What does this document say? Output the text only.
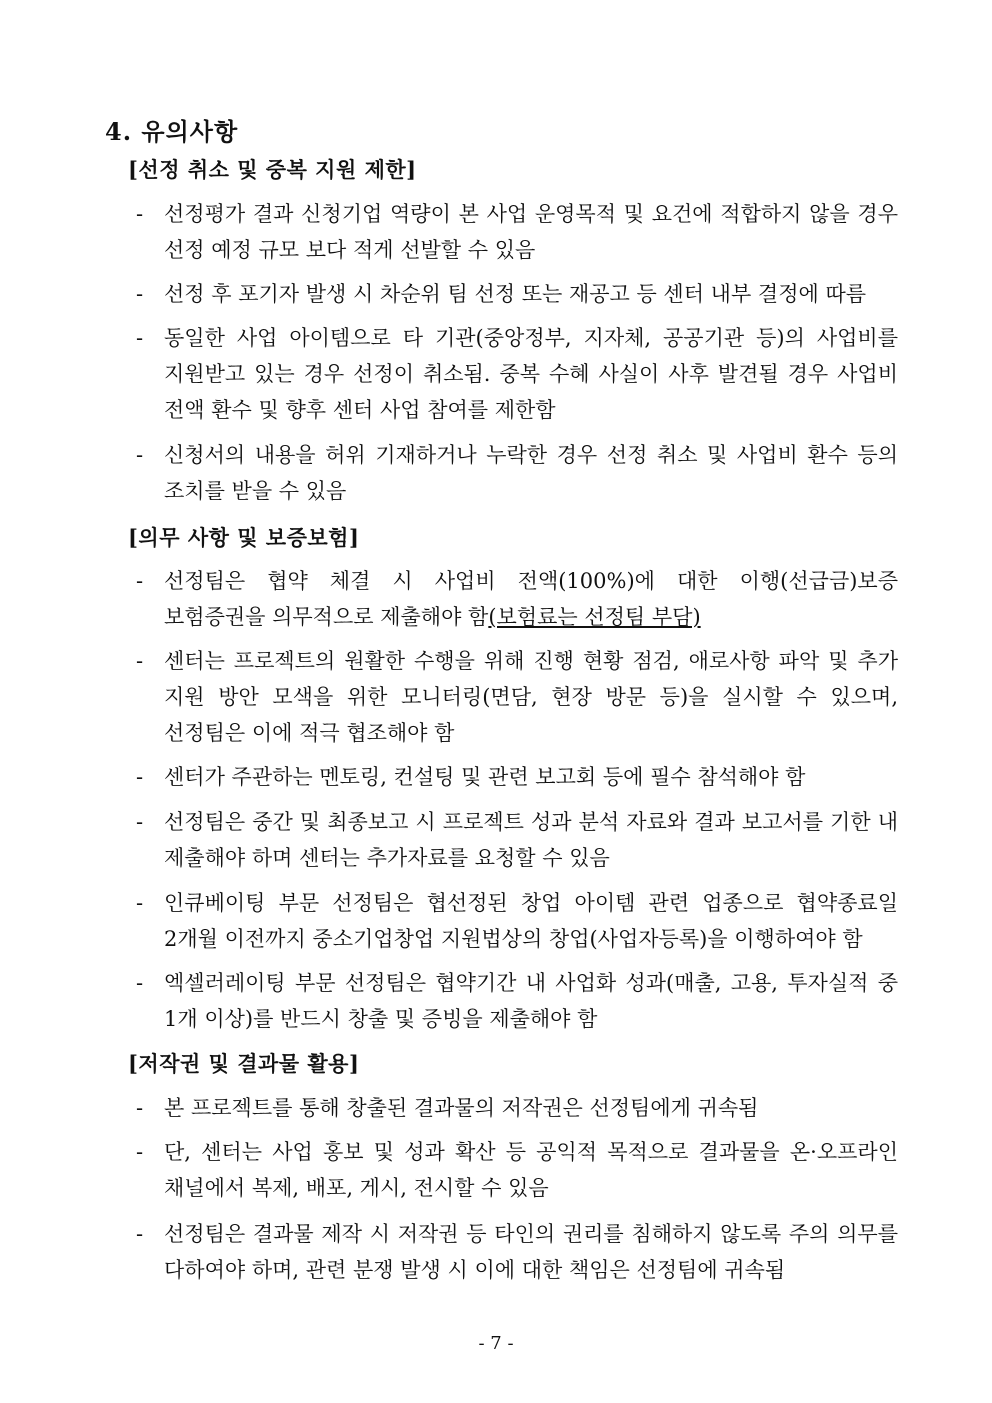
4. 유의사항
[선정 취소 및 중복 지원 제한]
- 선정평가 결과 신청기업 역량이 본 사업 운영목적 및 요건에 적합하지 않을 경우 선정 예정 규모 보다 적게 선발할 수 있음
- 선정 후 포기자 발생 시 차순위 팀 선정 또는 재공고 등 센터 내부 결정에 따름
- 동일한 사업 아이템으로 타 기관(중앙정부, 지자체, 공공기관 등)의 사업비를 지원받고 있는 경우 선정이 취소됨. 중복 수혜 사실이 사후 발견될 경우 사업비 전액 환수 및 향후 센터 사업 참여를 제한함
- 신청서의 내용을 허위 기재하거나 누락한 경우 선정 취소 및 사업비 환수 등의 조치를 받을 수 있음
[의무 사항 및 보증보험]
- 선정팀은 협약 체결 시 사업비 전액(100%)에 대한 이행(선급금)보증 보험증권을 의무적으로 제출해야 함(보험료는 선정팀 부담)
- 센터는 프로젝트의 원활한 수행을 위해 진행 현황 점검, 애로사항 파악 및 추가 지원 방안 모색을 위한 모니터링(면담, 현장 방문 등)을 실시할 수 있으며, 선정팀은 이에 적극 협조해야 함
- 센터가 주관하는 멘토링, 컨설팅 및 관련 보고회 등에 필수 참석해야 함
- 선정팀은 중간 및 최종보고 시 프로젝트 성과 분석 자료와 결과 보고서를 기한 내 제출해야 하며 센터는 추가자료를 요청할 수 있음
- 인큐베이팅 부문 선정팀은 협선정된 창업 아이템 관련 업종으로 협약종료일 2개월 이전까지 중소기업창업 지원법상의 창업(사업자등록)을 이행하여야 함
- 엑셀러레이팅 부문 선정팀은 협약기간 내 사업화 성과(매출, 고용, 투자실적 중 1개 이상)를 반드시 창출 및 증빙을 제출해야 함
[저작권 및 결과물 활용]
- 본 프로젝트를 통해 창출된 결과물의 저작권은 선정팀에게 귀속됨
- 단, 센터는 사업 홍보 및 성과 확산 등 공익적 목적으로 결과물을 온·오프라인 채널에서 복제, 배포, 게시, 전시할 수 있음
- 선정팀은 결과물 제작 시 저작권 등 타인의 권리를 침해하지 않도록 주의 의무를 다하여야 하며, 관련 분쟁 발생 시 이에 대한 책임은 선정팀에 귀속됨
- 7 -
